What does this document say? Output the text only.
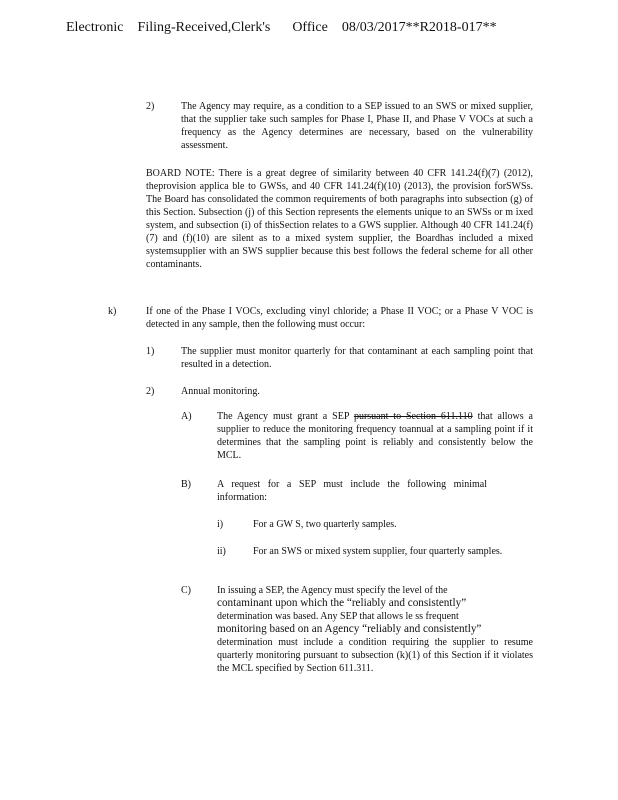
Electronic Filing-Received,Clerk's Office 08/03/2017**R2018-017**
2)	The Agency may require, as a condition to a SEP issued to an SWS or mixed supplier, that the supplier take such samples for Phase I, Phase II, and Phase V VOCs at such a frequency as the Agency determines are necessary, based on the vulnerability assessment.
BOARD NOTE: There is a great degree of similarity between 40 CFR 141.24(f)(7) (2012), theprovision applica ble to GWSs, and 40 CFR 141.24(f)(10) (2013), the provision forSWSs. The Board has consolidated the common requirements of both paragraphs into subsection (g) of this Section. Subsection (j) of this Section represents the elements unique to an SWSs or m ixed system, and subsection (i) of thisSection relates to a GWS supplier. Although 40 CFR 141.24(f)(7) and (f)(10) are silent as to a mixed system supplier, the Boardhas included a mixed systemsupplier with an SWS supplier because this best follows the federal scheme for all other contaminants.
k)	If one of the Phase I VOCs, excluding vinyl chloride; a Phase II VOC; or a Phase V VOC is detected in any sample, then the following must occur:
1)	The supplier must monitor quarterly for that contaminant at each sampling point that resulted in a detection.
2)	Annual monitoring.
A)	The Agency must grant a SEP pursuant to Section 611.110 that allows a supplier to reduce the monitoring frequency toannual at a sampling point if it determines that the sampling point is reliably and consistently below the MCL.
B)	A request for a SEP must include the following minimal information:
i)	For a GW S, two quarterly samples.
ii)	For an SWS or mixed system supplier, four quarterly samples.
C)	In issuing a SEP, the Agency must specify the level of the
contaminant upon which the “reliably and consistently”
determination was based. Any SEP that allows le ss frequent
monitoring based on an Agency “reliably and consistently”
determination must include a condition requiring the supplier to resume quarterly monitoring pursuant to subsection (k)(1) of this Section if it violates the MCL specified by Section 611.311.
